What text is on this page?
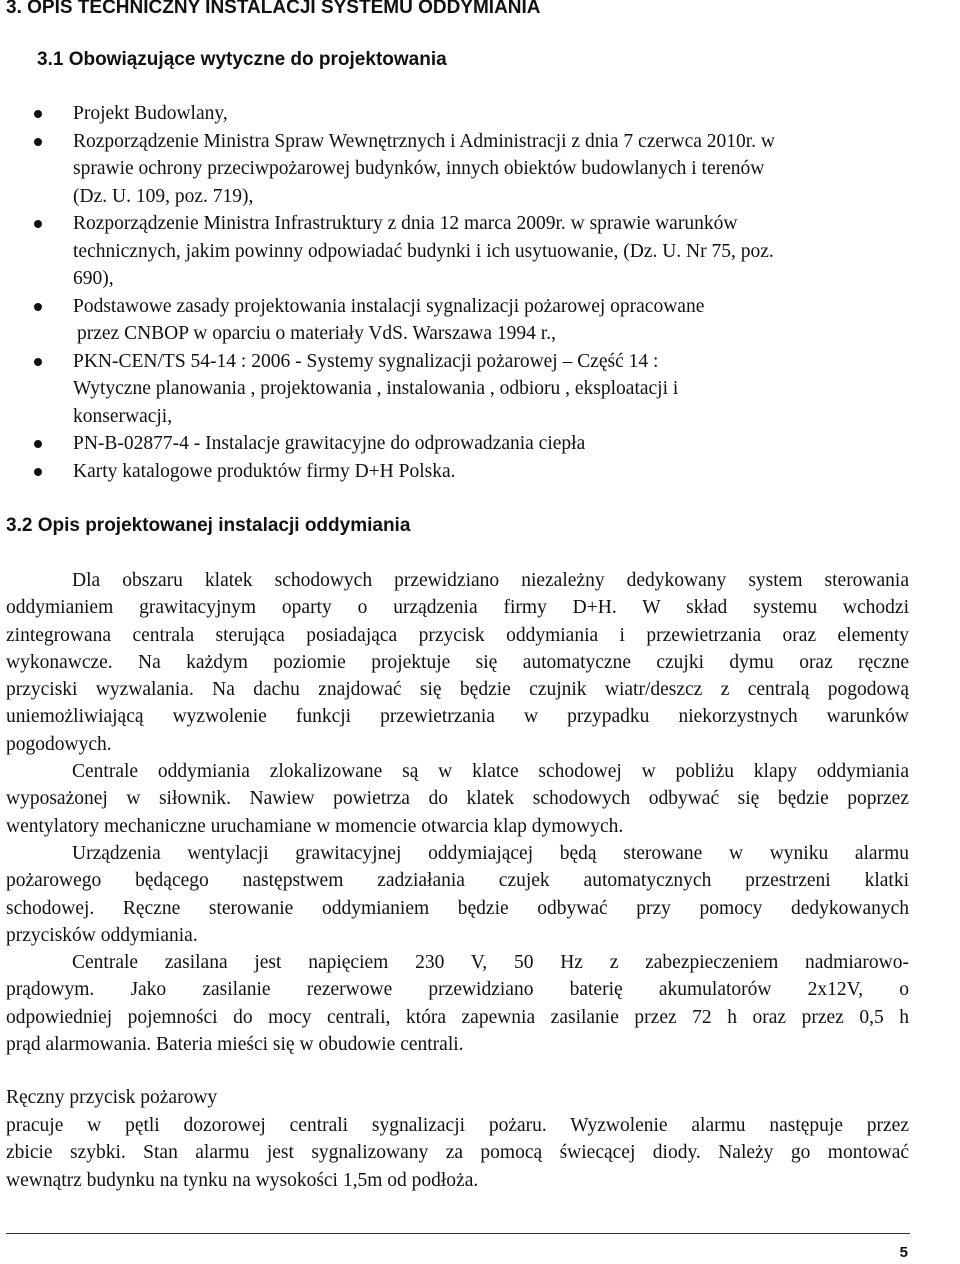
3. OPIS TECHNICZNY INSTALACJI SYSTEMU ODDYMIANIA
3.1 Obowiązujące wytyczne do projektowania
Projekt Budowlany,
Rozporządzenie Ministra Spraw Wewnętrznych i Administracji z dnia 7 czerwca 2010r. w
sprawie ochrony przeciwpożarowej budynków, innych obiektów budowlanych i terenów
(Dz. U. 109, poz. 719),
Rozporządzenie Ministra Infrastruktury z dnia 12 marca 2009r. w sprawie warunków
technicznych, jakim powinny odpowiadać budynki i ich usytuowanie, (Dz. U. Nr 75, poz.
690),
Podstawowe zasady projektowania instalacji sygnalizacji pożarowej opracowane
przez CNBOP w oparciu o materiały VdS. Warszawa 1994 r.,
PKN-CEN/TS 54-14 : 2006 - Systemy sygnalizacji pożarowej – Część 14 :
Wytyczne planowania , projektowania , instalowania , odbioru , eksploatacji i
konserwacji,
PN-B-02877-4 - Instalacje grawitacyjne do odprowadzania ciepła
Karty katalogowe produktów firmy D+H Polska.
3.2 Opis projektowanej instalacji oddymiania

Dla obszaru klatek schodowych przewidziano niezależny dedykowany system sterowania
oddymianiem grawitacyjnym oparty o urządzenia firmy D+H. W skład systemu wchodzi
zintegrowana centrala sterująca posiadająca przycisk oddymiania i przewietrzania oraz elementy
wykonawcze. Na każdym poziomie projektuje się automatyczne czujki dymu oraz ręczne
przyciski wyzwalania. Na dachu znajdować się będzie czujnik wiatr/deszcz z centralą pogodową
uniemożliwiającą wyzwolenie funkcji przewietrzania w przypadku niekorzystnych warunków
pogodowych.

Centrale oddymiania zlokalizowane są w klatce schodowej w pobliżu klapy oddymiania
wyposażonej w siłownik. Nawiew powietrza do klatek schodowych odbywać się będzie poprzez
wentylatory mechaniczne uruchamiane w momencie otwarcia klap dymowych.

Urządzenia wentylacji grawitacyjnej oddymiającej będą sterowane w wyniku alarmu
pożarowego będącego następstwem zadziałania czujek automatycznych przestrzeni klatki
schodowej. Ręczne sterowanie oddymianiem będzie odbywać przy pomocy dedykowanych
przycisków oddymiania.

Centrale zasilana jest napięciem 230 V, 50 Hz z zabezpieczeniem nadmiarowo-
prądowym. Jako zasilanie rezerwowe przewidziano baterię akumulatorów 2x12V, o
odpowiedniej pojemności do mocy centrali, która zapewnia zasilanie przez 72 h oraz przez 0,5 h
prąd alarmowania. Bateria mieści się w obudowie centrali.

Ręczny przycisk pożarowy
pracuje w pętli dozorowej centrali sygnalizacji pożaru. Wyzwolenie alarmu następuje przez
zbicie szybki. Stan alarmu jest sygnalizowany za pomocą świecącej diody. Należy go montować
wewnątrz budynku na tynku na wysokości 1,5m od podłoża.
5
